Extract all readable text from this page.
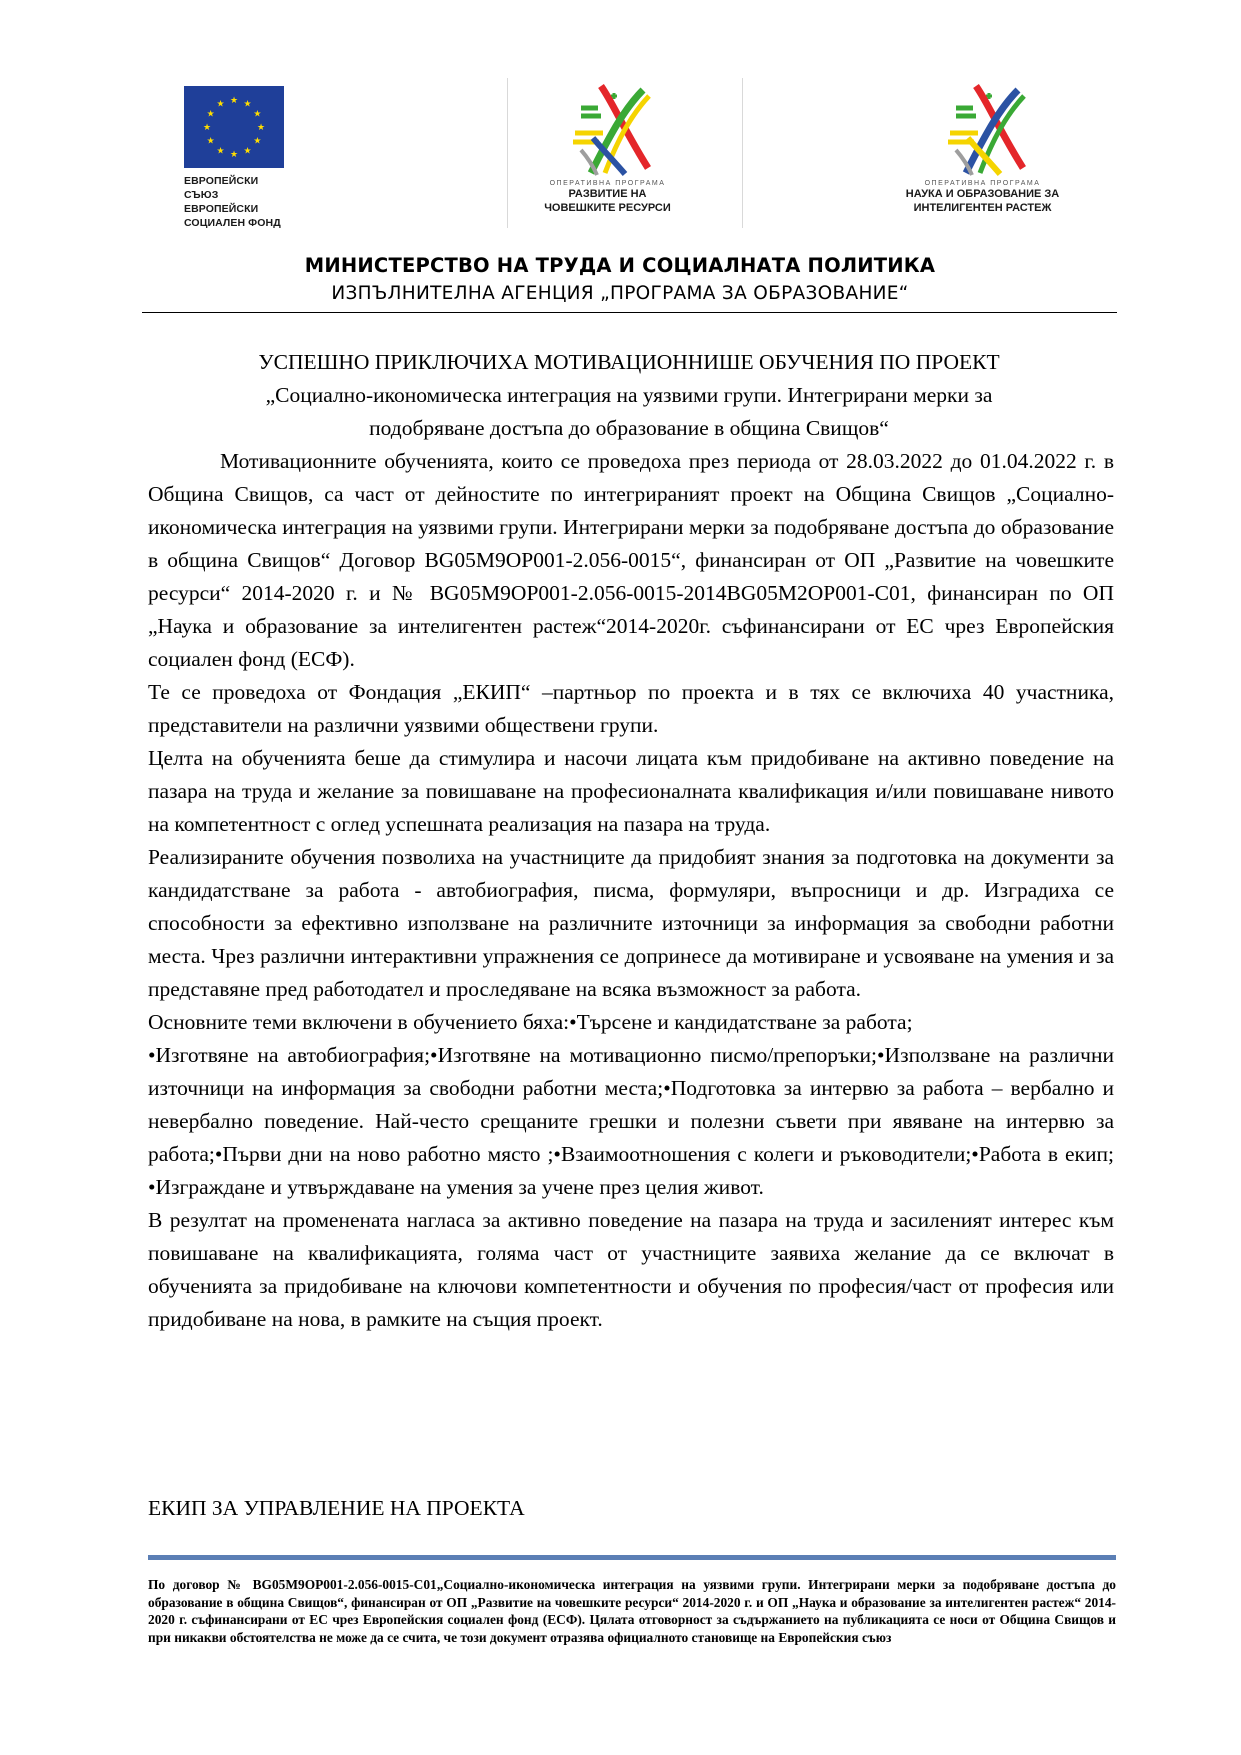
★ ★
★
★
★
★
★
★
★
★
★
★
ЕВРОПЕЙСКИ СЪЮЗ
ЕВРОПЕЙСКИ
СОЦИАЛЕН ФОНД
ОПЕРАТИВНА ПРОГРАМА
РАЗВИТИЕ НА
ЧОВЕШКИТЕ РЕСУРСИ
ОПЕРАТИВНА ПРОГРАМА
НАУКА И ОБРАЗОВАНИЕ ЗА
ИНТЕЛИГЕНТЕН РАСТЕЖ
МИНИСТЕРСТВО НА ТРУДА И СОЦИАЛНАТА ПОЛИТИКА
ИЗПЪЛНИТЕЛНА АГЕНЦИЯ „ПРОГРАМА ЗА ОБРАЗОВАНИЕ“
УСПЕШНО ПРИКЛЮЧИХА МОТИВАЦИОННИШЕ ОБУЧЕНИЯ ПО ПРОЕКТ
„Социално-икономическа интеграция на уязвими групи. Интегрирани мерки за
подобряване достъпа до образование в община Свищов“

Мотивационните обученията, които се проведоха през периода от 28.03.2022 до 01.04.2022 г. в Община Свищов, са част от дейностите по интегрираният проект на Община Свищов „Социално-икономическа интеграция на уязвими групи. Интегрирани мерки за подобряване достъпа до образование в община Свищов“ Договор BG05M9OP001-2.056-0015“, финансиран от ОП „Развитие на човешките ресурси“ 2014-2020 г. и № BG05M9OP001-2.056-0015-2014BG05M2OP001-C01, финансиран по ОП „Наука и образование за интелигентен растеж“2014-2020г. съфинансирани от ЕС чрез Европейския социален фонд (ЕСФ).

Те се проведоха от Фондация „ЕКИП“ –партньор по проекта и в тях се включиха 40 участника, представители на различни уязвими обществени групи.

Целта на обученията беше да стимулира и насочи лицата към придобиване на активно поведение на пазара на труда и желание за повишаване на професионалната квалификация и/или повишаване нивото на компетентност с оглед успешната реализация на пазара на труда.

Реализираните обучения позволиха на участниците да придобият знания за подготовка на документи за кандидатстване за работа - автобиография, писма, формуляри, въпросници и др. Изградиха се способности за ефективно използване на различните източници за информация за свободни работни места. Чрез различни интерактивни упражнения се допринесе да мотивиране и усвояване на умения и за представяне пред работодател и проследяване на всяка възможност за работа.

Основните теми включени в обучението бяха:•Търсене и кандидатстване за работа;

•Изготвяне на автобиография;•Изготвяне на мотивационно писмо/препоръки;•Използване на различни източници на информация за свободни работни места;•Подготовка за интервю за работа – вербално и невербално поведение. Най-често срещаните грешки и полезни съвети при явяване на интервю за работа;•Първи дни на ново работно място ;•Взаимоотношения с колеги и ръководители;•Работа в екип; •Изграждане и утвърждаване на умения за учене през целия живот.

В резултат на променената нагласа за активно поведение на пазара на труда и засиленият интерес към повишаване на квалификацията, голяма част от участниците заявиха желание да се включат в обученията за придобиване на ключови компетентности и обучения по професия/част от професия или придобиване на нова, в рамките на същия проект.

ЕКИП ЗА УПРАВЛЕНИЕ НА ПРОЕКТА
По договор № BG05M9OP001-2.056-0015-C01„Социално-икономическа интеграция на уязвими групи. Интегрирани мерки за подобряване достъпа до образование в община Свищов“, финансиран от ОП „Развитие на човешките ресурси“ 2014-2020 г. и ОП „Наука и образование за интелигентен растеж“ 2014-2020 г. съфинансирани от ЕС чрез Европейския социален фонд (ЕСФ). Цялата отговорност за съдържанието на публикацията се носи от Община Свищов и при никакви обстоятелства не може да се счита, че този документ отразява официалното становище на Европейския съюз
